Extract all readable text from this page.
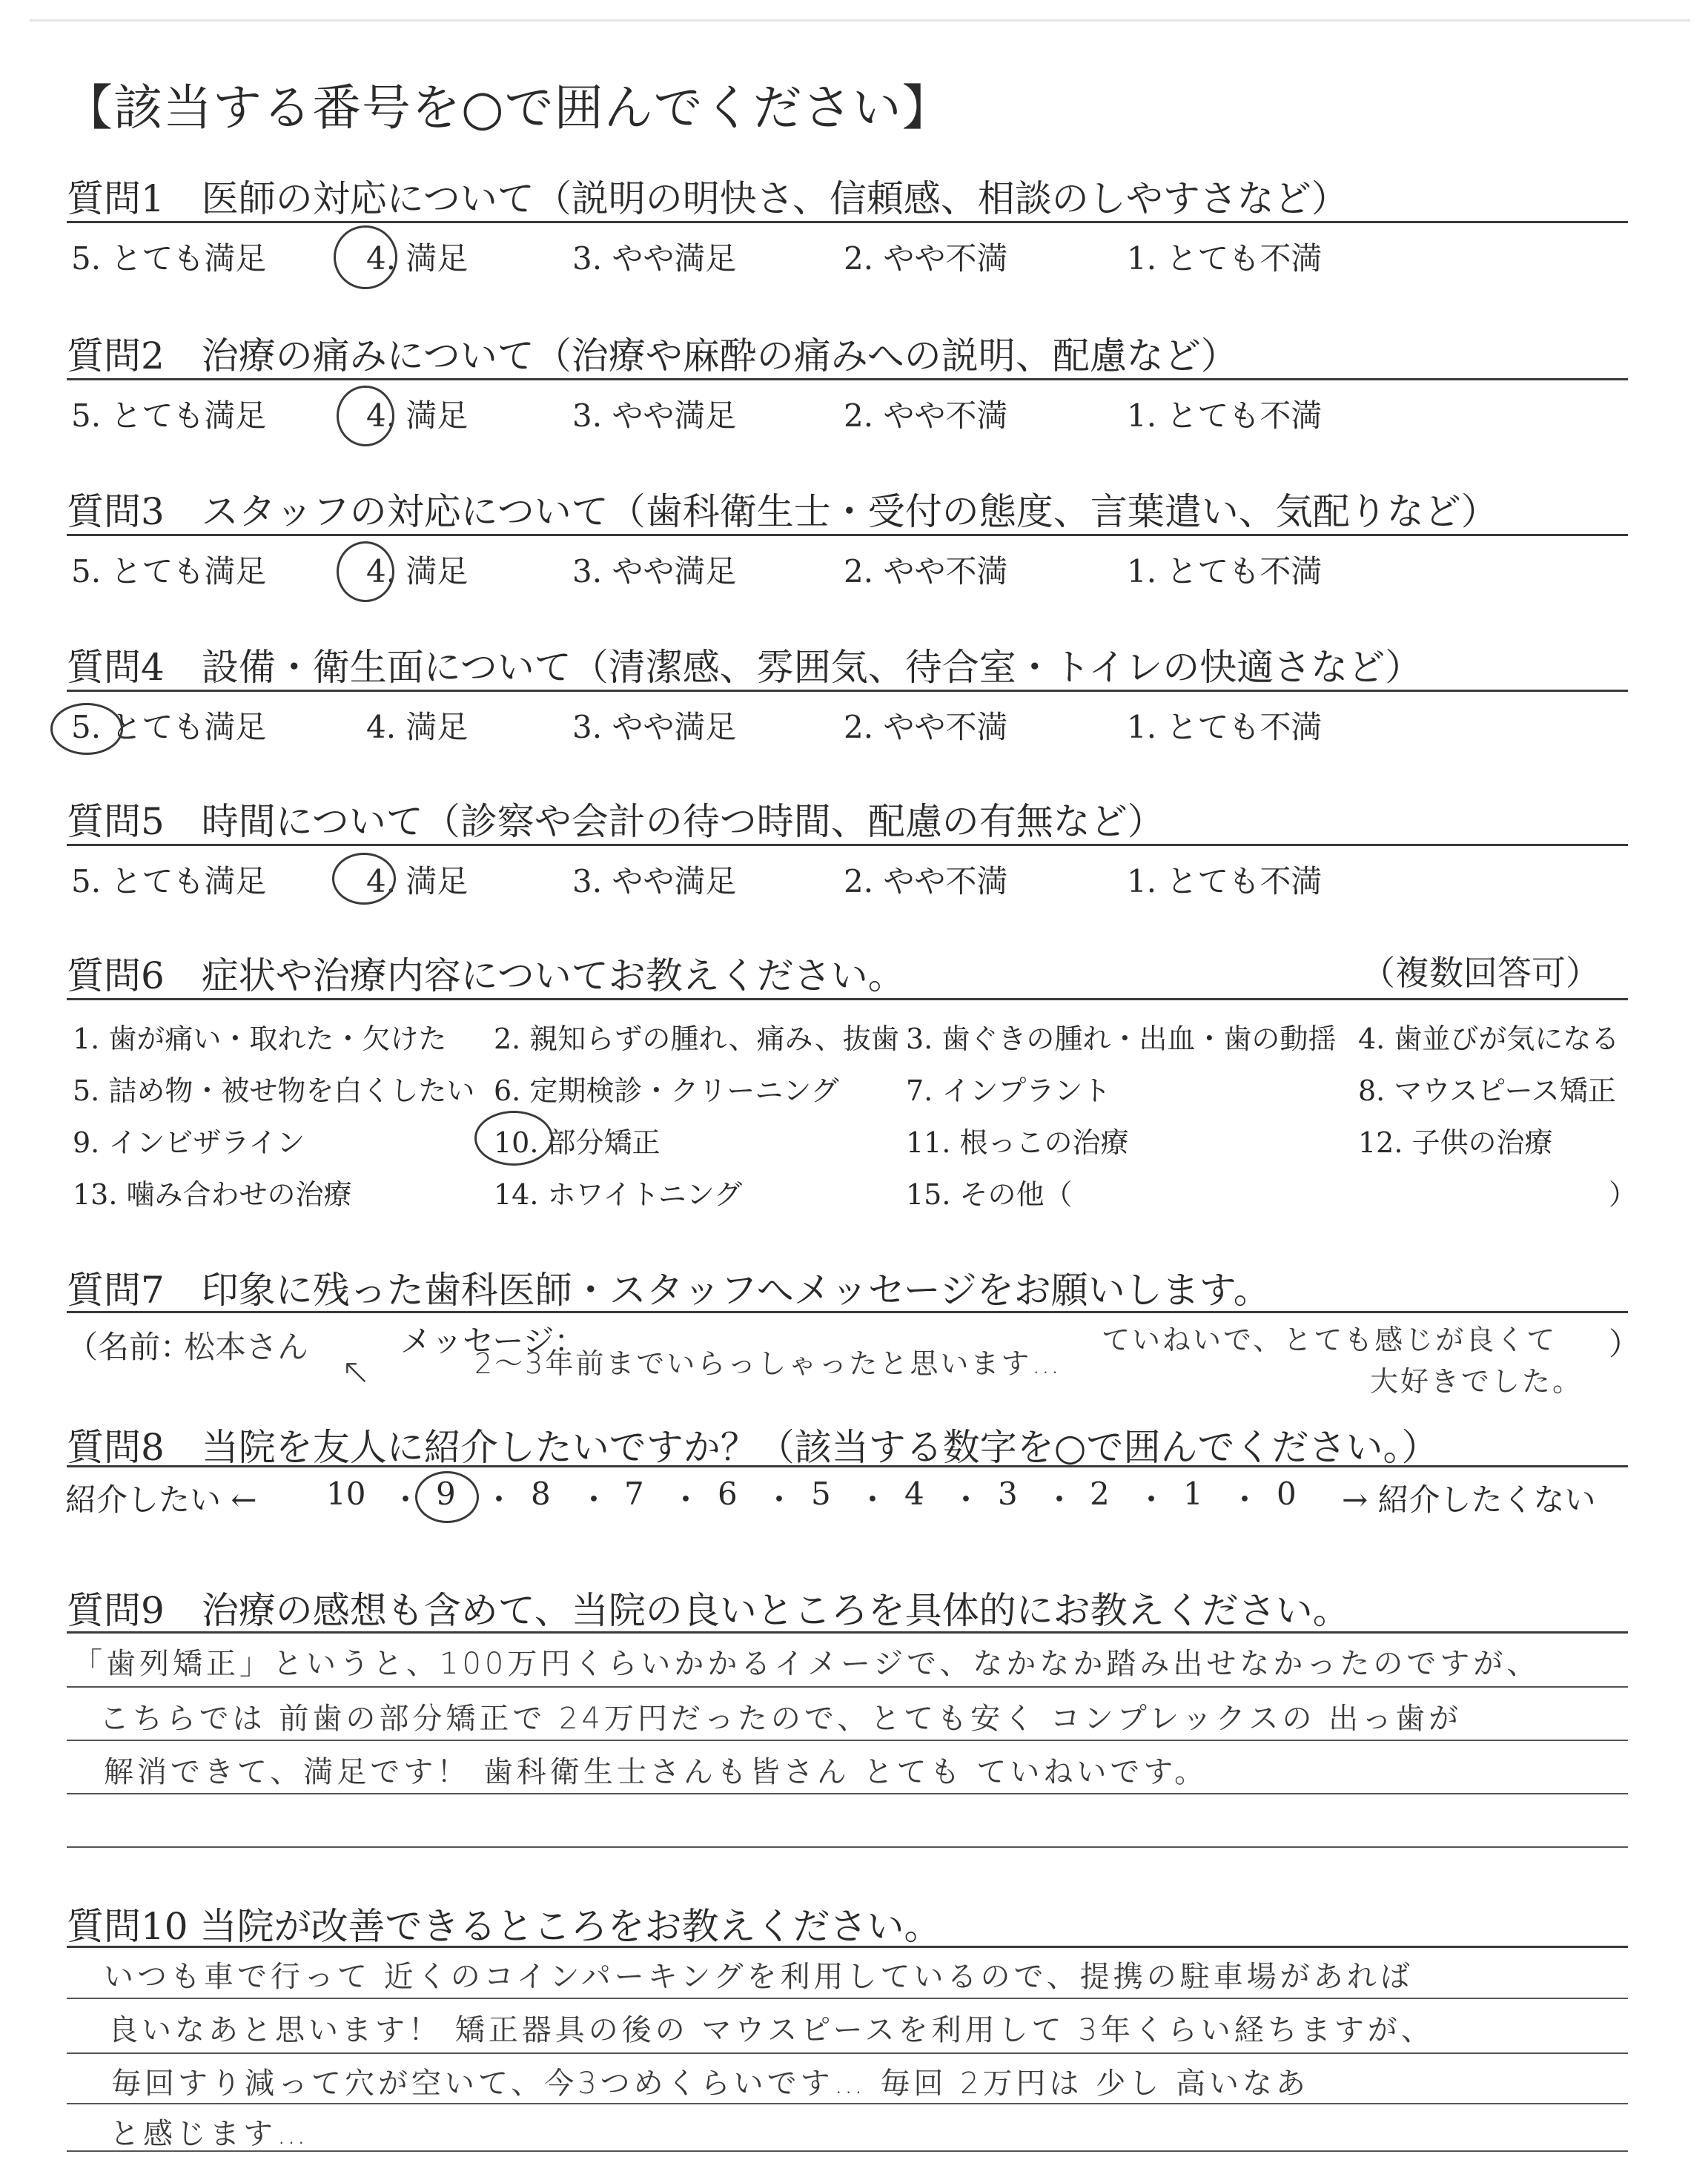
【該当する番号を○で囲んでください】
質問1　医師の対応について（説明の明快さ、信頼感、相談のしやすさなど）
5. とても満足	4. 満足	3. やや満足	2. やや不満	1. とても不満
質問2　治療の痛みについて（治療や麻酔の痛みへの説明、配慮など）
5. とても満足	4. 満足	3. やや満足	2. やや不満	1. とても不満
質問3　スタッフの対応について（歯科衛生士・受付の態度、言葉遣い、気配りなど）
5. とても満足	4. 満足	3. やや満足	2. やや不満	1. とても不満
質問4　設備・衛生面について（清潔感、雰囲気、待合室・トイレの快適さなど）
5. とても満足	4. 満足	3. やや満足	2. やや不満	1. とても不満
質問5　時間について（診察や会計の待つ時間、配慮の有無など）
5. とても満足	4. 満足	3. やや満足	2. やや不満	1. とても不満
質問6　症状や治療内容についてお教えください。	（複数回答可）
1. 歯が痛い・取れた・欠けた 2. 親知らずの腫れ、痛み、抜歯 3. 歯ぐきの腫れ・出血・歯の動揺 4. 歯並びが気になる
5. 詰め物・被せ物を白くしたい 6. 定期検診・クリーニング 7. インプラント	8. マウスピース矯正
9. インビザライン	10. 部分矯正	11. 根っこの治療	12. 子供の治療
13. 噛み合わせの治療	14. ホワイトニング	15. その他（	）
質問7　印象に残った歯科医師・スタッフへメッセージをお願いします。
（名前：
松本さん	メッセージ：
↖	2〜3年前までいらっしゃったと思います…
ていねいで、とても感じが良くて
大好きでした。
）
質問8　当院を友人に紹介したいですか？（該当する数字を○で囲んでください。）
紹介したい ← 10 ・ 9 ・ 8 ・ 7 ・ 6 ・ 5 ・ 4 ・ 3 ・ 2 ・ 1 ・ 0 → 紹介したくない
質問9　治療の感想も含めて、当院の良いところを具体的にお教えください。
「歯列矯正」というと、100万円くらいかかるイメージで、なかなか踏み出せなかったのですが、
こちらでは 前歯の部分矯正で 24万円だったので、とても安く コンプレックスの 出っ歯が
解消できて、満足です！ 歯科衛生士さんも皆さん とても ていねいです。
質問10 当院が改善できるところをお教えください。
いつも車で行って 近くのコインパーキングを利用しているので、提携の駐車場があれば
良いなあと思います！ 矯正器具の後の マウスピースを利用して 3年くらい経ちますが、
毎回すり減って穴が空いて、今3つめくらいです… 毎回 2万円は 少し 高いなあ
と感じます…
